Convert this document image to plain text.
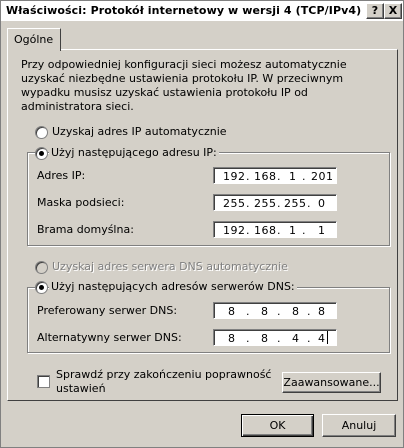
Właściwości: Protokół internetowy w wersji 4 (TCP/IPv4) ? X
Ogólne
Przy odpowiedniej konfiguracji sieci możesz automatycznie uzyskać niezbędne ustawienia protokołu IP. W przeciwnym wypadku musisz uzyskać ustawienia protokołu IP od administratora sieci.
Uzyskaj adres IP automatycznie
Użyj następującego adresu IP:
Adres IP:	192 . 168 . 1 . 201
Maska podsieci:	255 . 255 . 255 . 0
Brama domyślna:	192 . 168 . 1 . 1
Uzyskaj adres serwera DNS automatycznie
Użyj następujących adresów serwerów DNS:
Preferowany serwer DNS:	8 . 8 . 8 . 8
Alternatywny serwer DNS:	8 . 8 . 4 . 4
Sprawdź przy zakończeniu poprawność
ustawień	Zaawansowane...
OK	Anuluj
